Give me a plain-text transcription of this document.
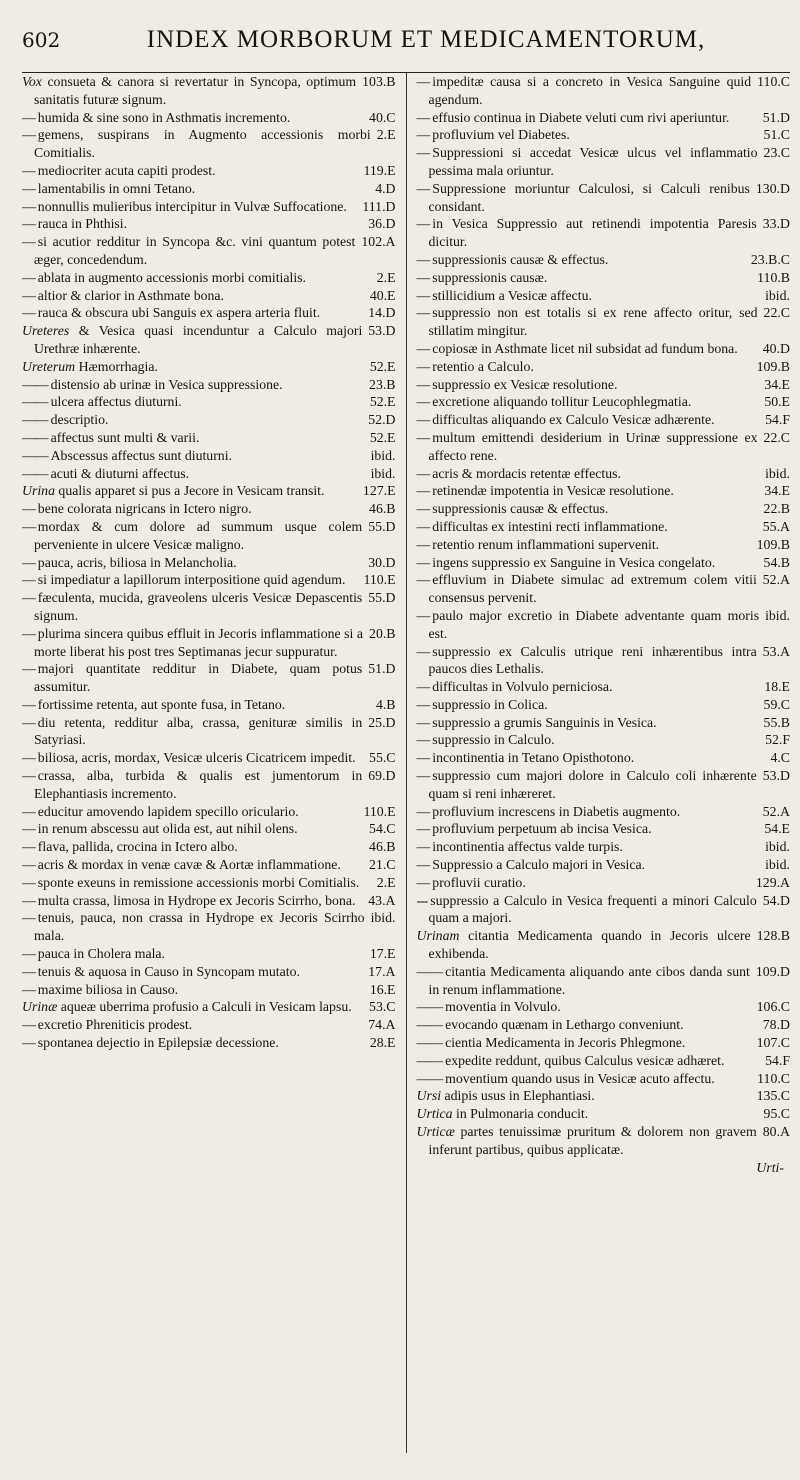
602	INDEX MORBORUM ET MEDICAMENTORUM,

103.B
Vox consueta & canora si revertatur in Syncopa, optimum sanitatis futuræ signum.

40.C
— humida & sine sono in Asthmatis incremento.

2.E
— gemens, suspirans in Augmento accessionis morbi Comitialis.

119.E
— mediocriter acuta capiti prodest.

4.D
— lamentabilis in omni Tetano.

111.D
— nonnullis mulieribus intercipitur in Vulvæ Suffocatione.

36.D
— rauca in Phthisi.

102.A
— si acutior redditur in Syncopa &c. vini quantum potest æger, concedendum.

2.E
— ablata in augmento accessionis morbi comitialis.

40.E
— altior & clarior in Asthmate bona.

14.D
— rauca & obscura ubi Sanguis ex aspera arteria fluit.

53.D
Ureteres & Vesica quasi incenduntur a Calculo majori Urethræ inhærente.

52.E
Ureterum Hæmorrhagia.

23.B
—— distensio ab urinæ in Vesica suppressione.

52.E
—— ulcera affectus diuturni.

52.D
—— descriptio.

52.E
—— affectus sunt multi & varii.

ibid.
—— Abscessus affectus sunt diuturni.

ibid.
—— acuti & diuturni affectus.

127.E
Urina qualis apparet si pus a Jecore in Vesicam transit.

46.B
— bene colorata nigricans in Ictero nigro.

55.D
— mordax & cum dolore ad summum usque colem perveniente in ulcere Vesicæ maligno.

30.D
— pauca, acris, biliosa in Melancholia.

110.E
— si impediatur a lapillorum interpositione quid agendum.

55.D
— fæculenta, mucida, graveolens ulceris Vesicæ Depascentis signum.

20.B
— plurima sincera quibus effluit in Jecoris inflammatione si a morte liberat his post tres Septimanas jecur suppuratur.

51.D
— majori quantitate redditur in Diabete, quam potus assumitur.

4.B
— fortissime retenta, aut sponte fusa, in Tetano.

25.D
— diu retenta, redditur alba, crassa, genituræ similis in Satyriasi.

55.C
— biliosa, acris, mordax, Vesicæ ulceris Cicatricem impedit.

69.D
— crassa, alba, turbida & qualis est jumentorum in Elephantiasis incremento.

110.E
— educitur amovendo lapidem specillo oriculario.

54.C
— in renum abscessu aut olida est, aut nihil olens.

46.B
— flava, pallida, crocina in Ictero albo.

21.C
— acris & mordax in venæ cavæ & Aortæ inflammatione.

2.E
— sponte exeuns in remissione accessionis morbi Comitialis.

43.A
— multa crassa, limosa in Hydrope ex Jecoris Scirrho, bona.

ibid.
— tenuis, pauca, non crassa in Hydrope ex Jecoris Scirrho mala.

17.E
— pauca in Cholera mala.

17.A
— tenuis & aquosa in Causo in Syncopam mutato.

16.E
— maxime biliosa in Causo.

53.C
Urinæ aqueæ uberrima profusio a Calculi in Vesicam lapsu.

74.A
— excretio Phreniticis prodest.

28.E
— spontanea dejectio in Epilepsiæ decessione.

110.C
— impeditæ causa si a concreto in Vesica Sanguine quid agendum.

51.D
— effusio continua in Diabete veluti cum rivi aperiuntur.

51.C
— profluvium vel Diabetes.

23.C
— Suppressioni si accedat Vesicæ ulcus vel inflammatio pessima mala oriuntur.

130.D
— Suppressione moriuntur Calculosi, si Calculi renibus considant.

33.D
— in Vesica Suppressio aut retinendi impotentia Paresis dicitur.

23.B.C
— suppressionis causæ & effectus.

110.B
— suppressionis causæ.

ibid.
— stillicidium a Vesicæ affectu.

22.C
— suppressio non est totalis si ex rene affecto oritur, sed stillatim mingitur.

40.D
— copiosæ in Asthmate licet nil subsidat ad fundum bona.

109.B
— retentio a Calculo.

34.E
— suppressio ex Vesicæ resolutione.

50.E
— excretione aliquando tollitur Leucophlegmatia.

54.F
— difficultas aliquando ex Calculo Vesicæ adhærente.

22.C
— multum emittendi desiderium in Urinæ suppressione ex affecto rene.

ibid.
— acris & mordacis retentæ effectus.

34.E
— retinendæ impotentia in Vesicæ resolutione.

22.B
— suppressionis causæ & effectus.

55.A
— difficultas ex intestini recti inflammatione.

109.B
— retentio renum inflammationi supervenit.

54.B
— ingens suppressio ex Sanguine in Vesica congelato.

52.A
— effluvium in Diabete simulac ad extremum colem vitii consensus pervenit.

ibid.
— paulo major excretio in Diabete adventante quam moris est.

53.A
— suppressio ex Calculis utrique reni inhærentibus intra paucos dies Lethalis.

18.E
— difficultas in Volvulo perniciosa.

59.C
— suppressio in Colica.

55.B
— suppressio a grumis Sanguinis in Vesica.

52.F
— suppressio in Calculo.

4.C
— incontinentia in Tetano Opisthotono.

53.D
— suppressio cum majori dolore in Calculo coli inhærente quam si reni inhæreret.

52.A
— profluvium increscens in Diabetis augmento.

54.E
— profluvium perpetuum ab incisa Vesica.

ibid.
— incontinentia affectus valde turpis.

ibid.
— Suppressio a Calculo majori in Vesica.

129.A
— profluvii curatio.

54.D
--- suppressio a Calculo in Vesica frequenti a minori Calculo quam a majori.

128.B
Urinam citantia Medicamenta quando in Jecoris ulcere exhibenda.

109.D
—— citantia Medicamenta aliquando ante cibos danda sunt in renum inflammatione.

106.C
—— moventia in Volvulo.

78.D
—— evocando quænam in Lethargo conveniunt.

107.C
—— cientia Medicamenta in Jecoris Phlegmone.

54.F
—— expedite reddunt, quibus Calculus vesicæ adhæret.

110.C
—— moventium quando usus in Vesicæ acuto affectu.

135.C
Ursi adipis usus in Elephantiasi.

95.C
Urtica in Pulmonaria conducit.

80.A
Urticæ partes tenuissimæ pruritum & dolorem non gravem inferunt partibus, quibus applicatæ.

Urti-
